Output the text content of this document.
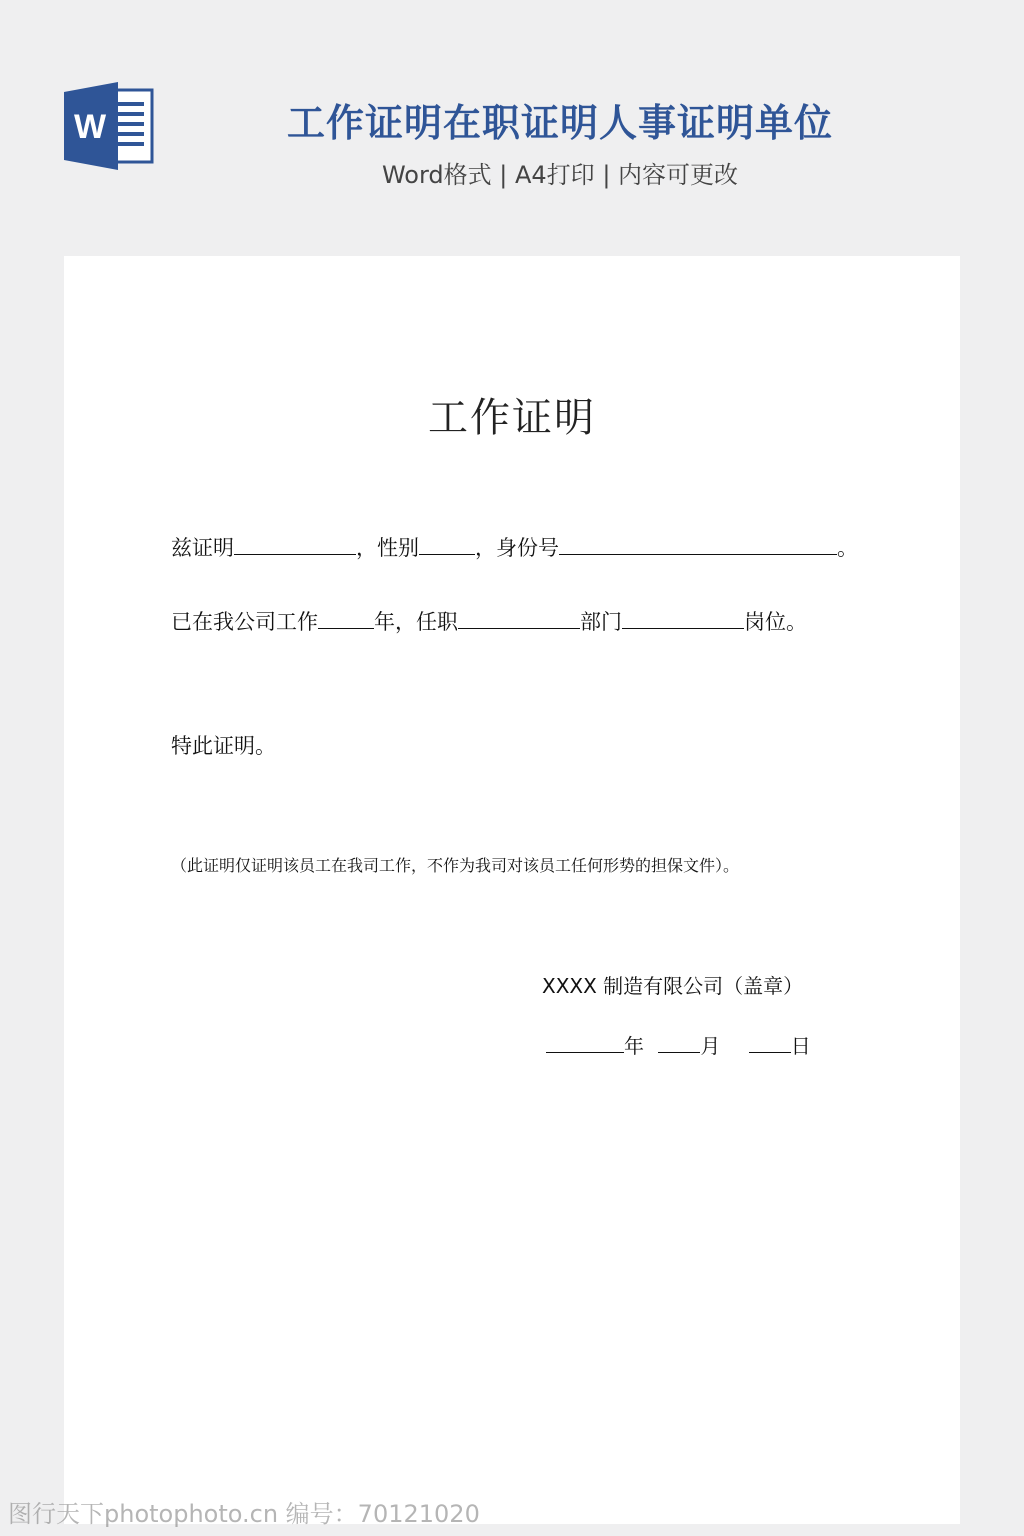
W	工作证明在职证明人事证明单位
Word格式 | A4打印 | 内容可更改
工作证明
兹证明	，性别	，身份号	。
已在我公司工作	年，任职	部门	岗位。
特此证明。
（此证明仅证明该员工在我司工作，不作为我司对该员工任何形势的担保文件）。
XXXX 制造有限公司（盖章）
年	月	日
图行天下photophoto.cn 编号：70121020
